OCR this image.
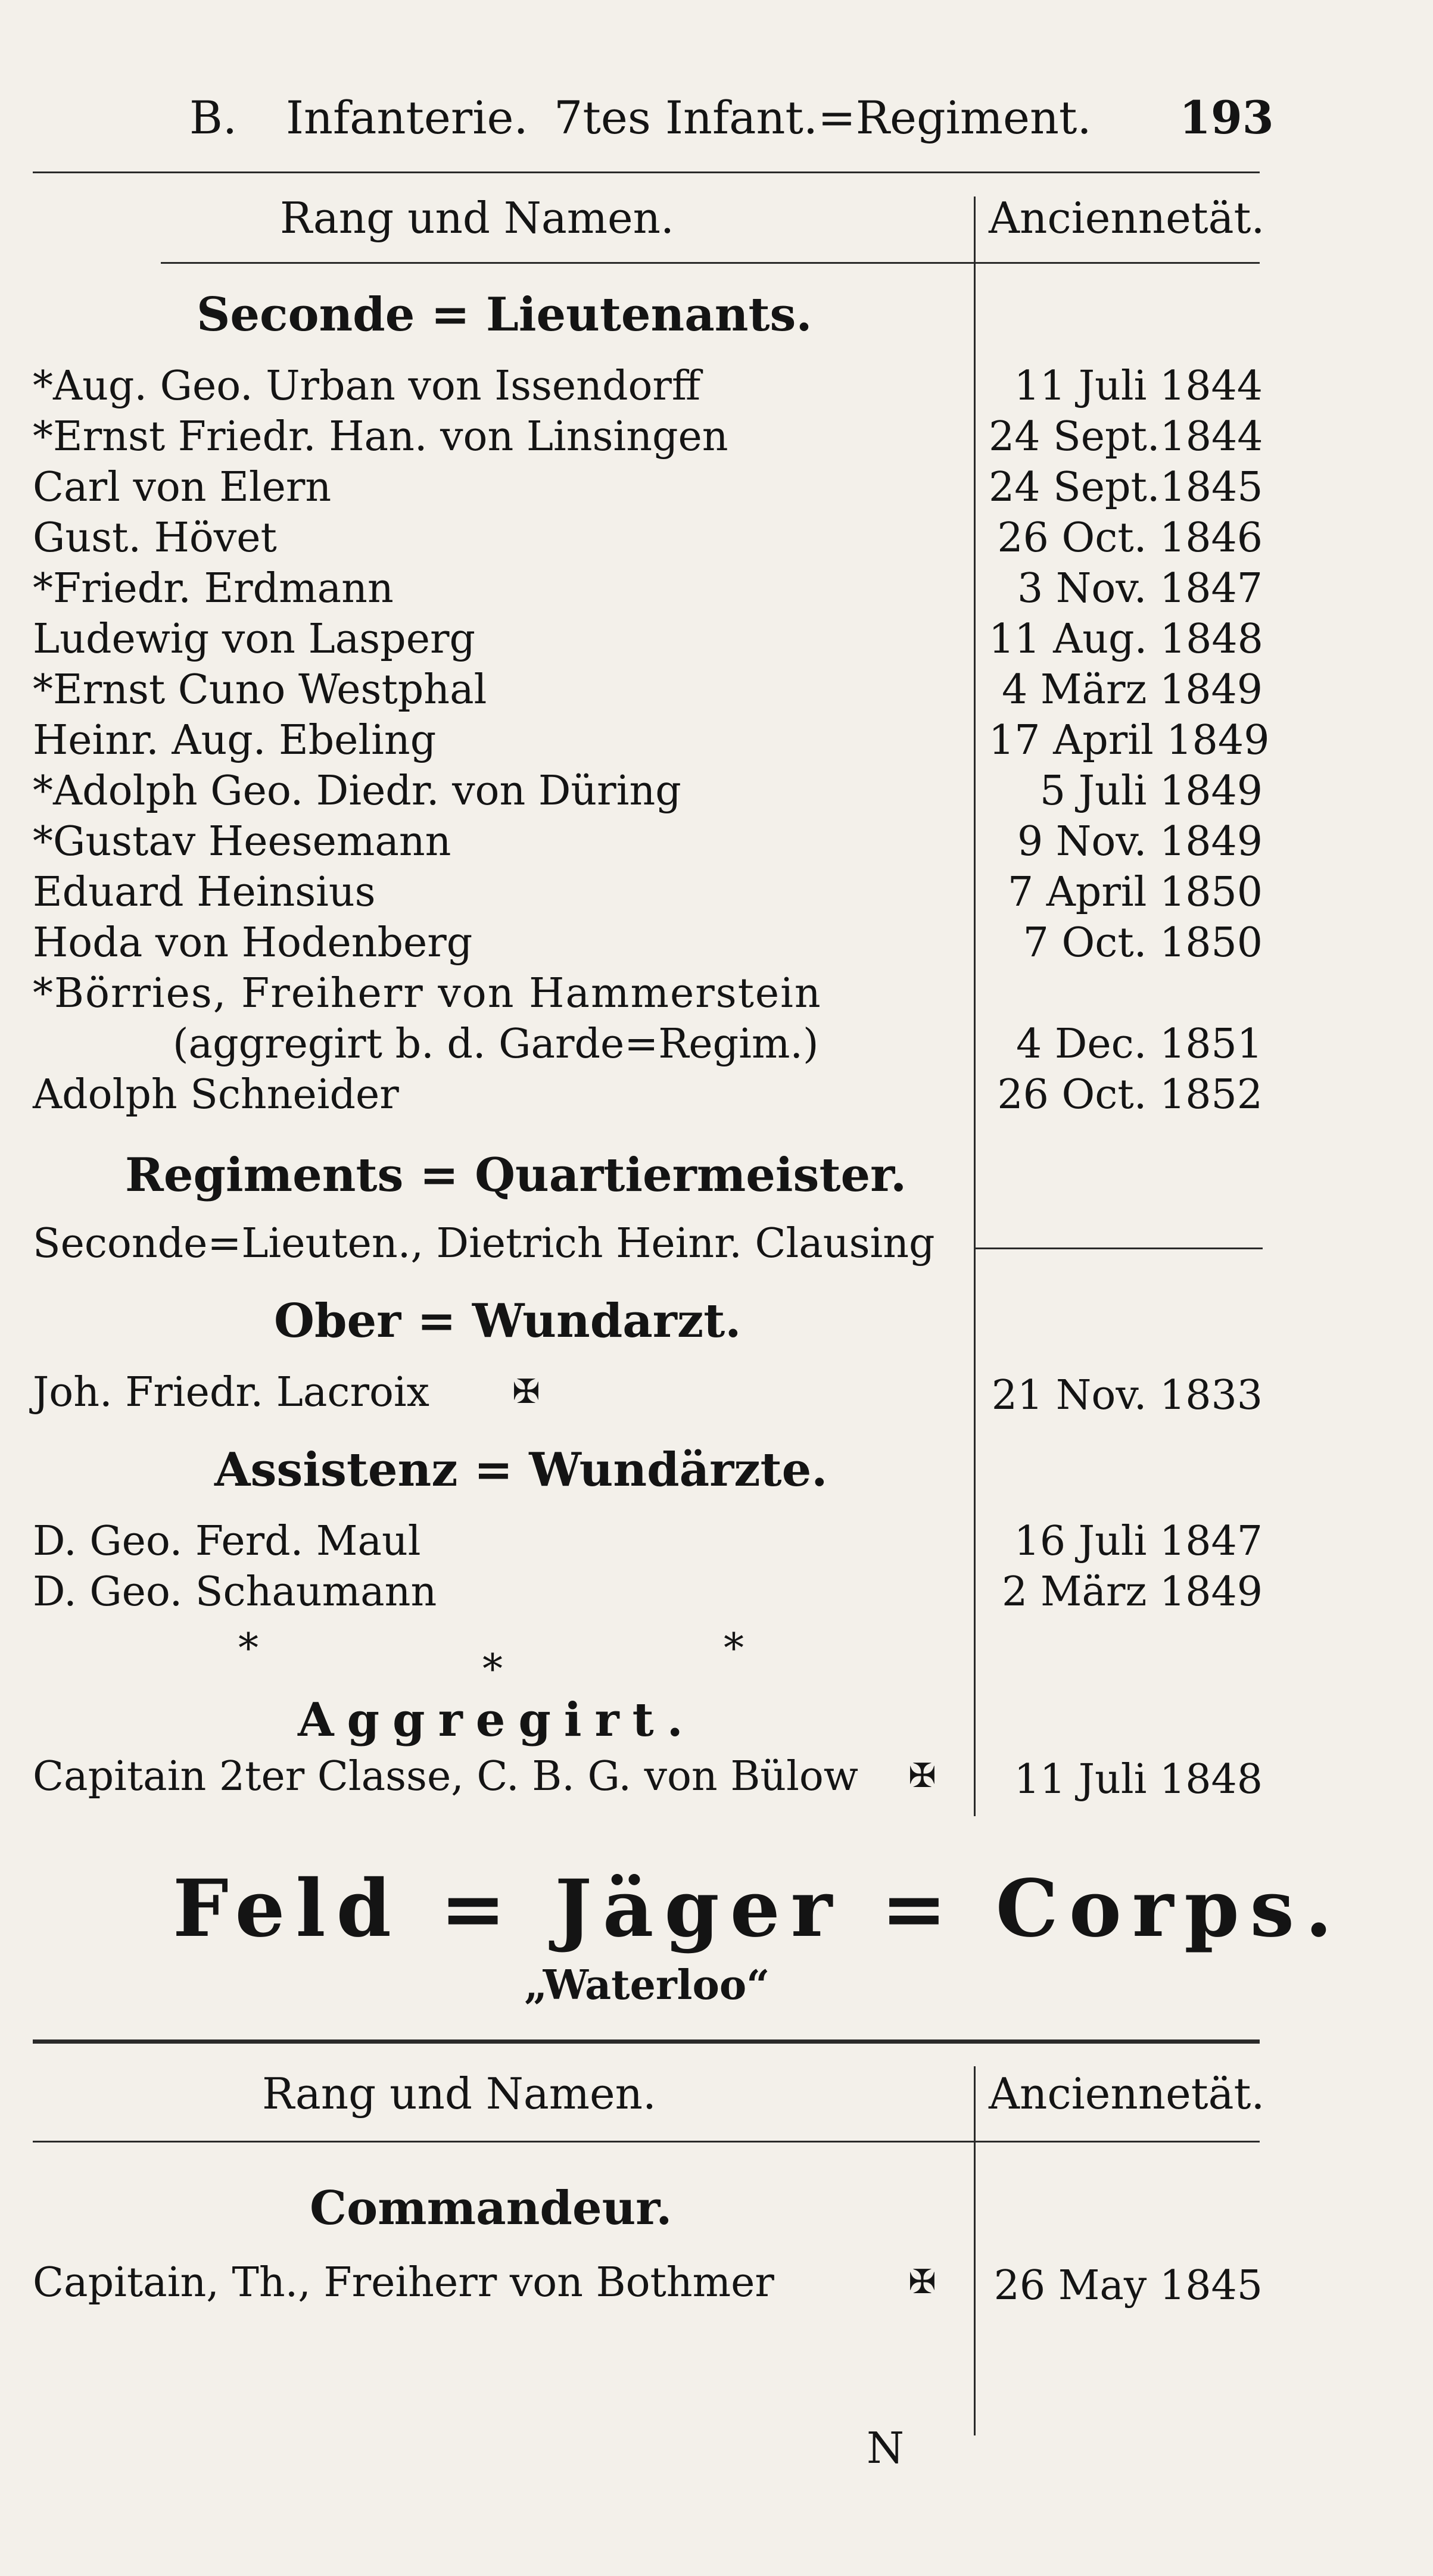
B. Infanterie. 7tes Infant.=Regiment. 193
Rang und Namen.	Anciennetät.
Seconde = Lieutenants.
*Aug. Geo. Urban von Issendorff	11 Juli 1844
*Ernst Friedr. Han. von Linsingen	24 Sept.1844
Carl von Elern	24 Sept.1845
Gust. Hövet	26 Oct. 1846
*Friedr. Erdmann	3 Nov. 1847
Ludewig von Lasperg	11 Aug. 1848
*Ernst Cuno Westphal	4 März 1849
Heinr. Aug. Ebeling	17 April 1849
*Adolph Geo. Diedr. von Düring	5 Juli 1849
*Gustav Heesemann	9 Nov. 1849
Eduard Heinsius	7 April 1850
Hoda von Hodenberg	7 Oct. 1850
*Börries, Freiherr von Hammerstein
(aggregirt b. d. Garde=Regim.)	4 Dec. 1851
Adolph Schneider	26 Oct. 1852
Regiments = Quartiermeister.
Seconde=Lieuten., Dietrich Heinr. Clausing
Ober = Wundarzt.
Joh. Friedr. Lacroix ✠	21 Nov. 1833
Assistenz = Wundärzte.
D. Geo. Ferd. Maul	16 Juli 1847
D. Geo. Schaumann	2 März 1849
*	*	*
Aggregirt.
Capitain 2ter Classe, C. B. G. von Bülow ✠	11 Juli 1848
Feld = Jäger = Corps.
„Waterloo“
Rang und Namen.	Anciennetät.
Commandeur.
Capitain, Th., Freiherr von Bothmer	✠ 26 May 1845
N
